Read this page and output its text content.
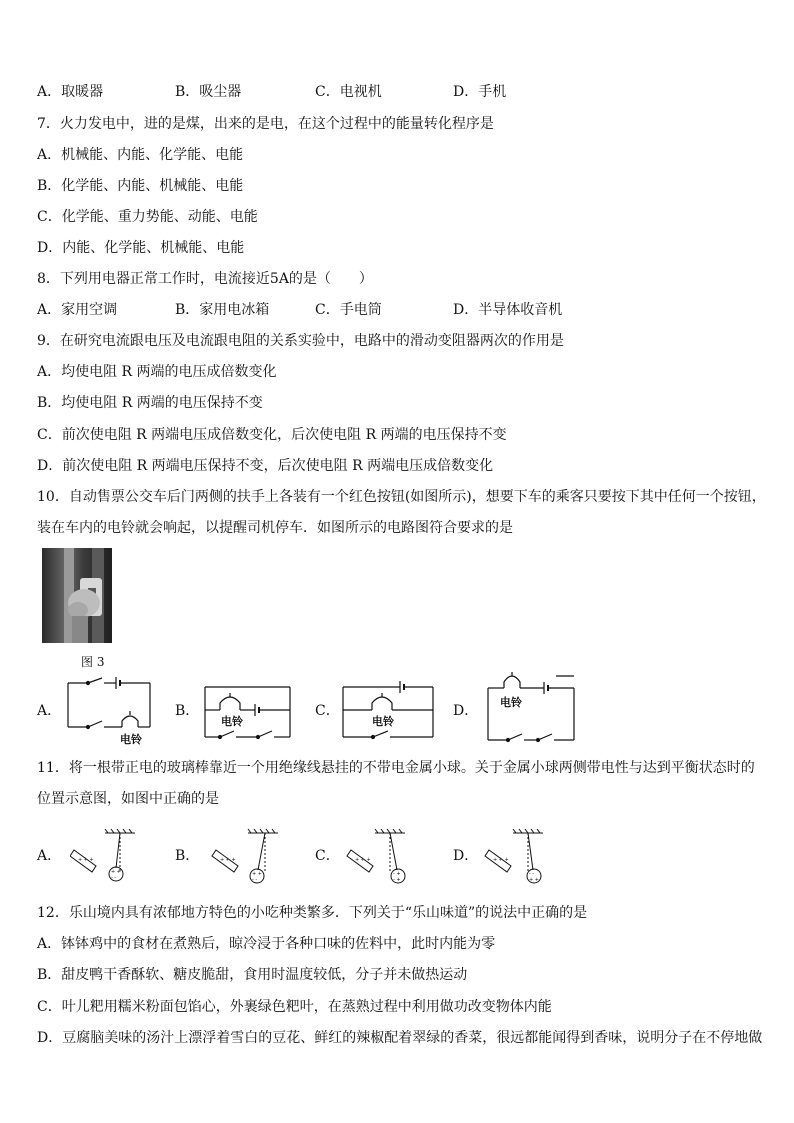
A．取暖器	B．吸尘器	C．电视机	D．手机
7．火力发电中，进的是煤，出来的是电，在这个过程中的能量转化程序是
A．机械能、内能、化学能、电能
B．化学能、内能、机械能、电能
C．化学能、重力势能、动能、电能
D．内能、化学能、机械能、电能
8．下列用电器正常工作时，电流接近5A的是（　　）
A．家用空调	B．家用电冰箱	C．手电筒	D．半导体收音机
9．在研究电流跟电压及电流跟电阻的关系实验中，电路中的滑动变阻器两次的作用是
A．均使电阻 R 两端的电压成倍数变化
B．均使电阻 R 两端的电压保持不变
C．前次使电阻 R 两端电压成倍数变化，后次使电阻 R 两端的电压保持不变
D．前次使电阻 R 两端电压保持不变，后次使电阻 R 两端电压成倍数变化
10．自动售票公交车后门两侧的扶手上各装有一个红色按钮(如图所示)，想要下车的乘客只要按下其中任何一个按钮，
装在车内的电铃就会响起，以提醒司机停车．如图所示的电路图符合要求的是
图 3
A．
电铃
B．
电铃
C．
电铃
D．
电铃
11．将一根带正电的玻璃棒靠近一个用绝缘线悬挂的不带电金属小球。关于金属小球两侧带电性与达到平衡状态时的
位置示意图，如图中正确的是
A．
+ +
- -
+ + +	B．
+ +
- -
+ + +	C．
- +
- +
+ + +	D．
- -
+ +
+ + +
12．乐山境内具有浓郁地方特色的小吃种类繁多．下列关于“乐山味道”的说法中正确的是
A．钵钵鸡中的食材在煮熟后，晾冷浸于各种口味的佐料中，此时内能为零
B．甜皮鸭干香酥软、糖皮脆甜，食用时温度较低，分子并未做热运动
C．叶儿粑用糯米粉面包馅心，外裹绿色粑叶，在蒸熟过程中利用做功改变物体内能
D．豆腐脑美味的汤汁上漂浮着雪白的豆花、鲜红的辣椒配着翠绿的香菜，很远都能闻得到香味，说明分子在不停地做
